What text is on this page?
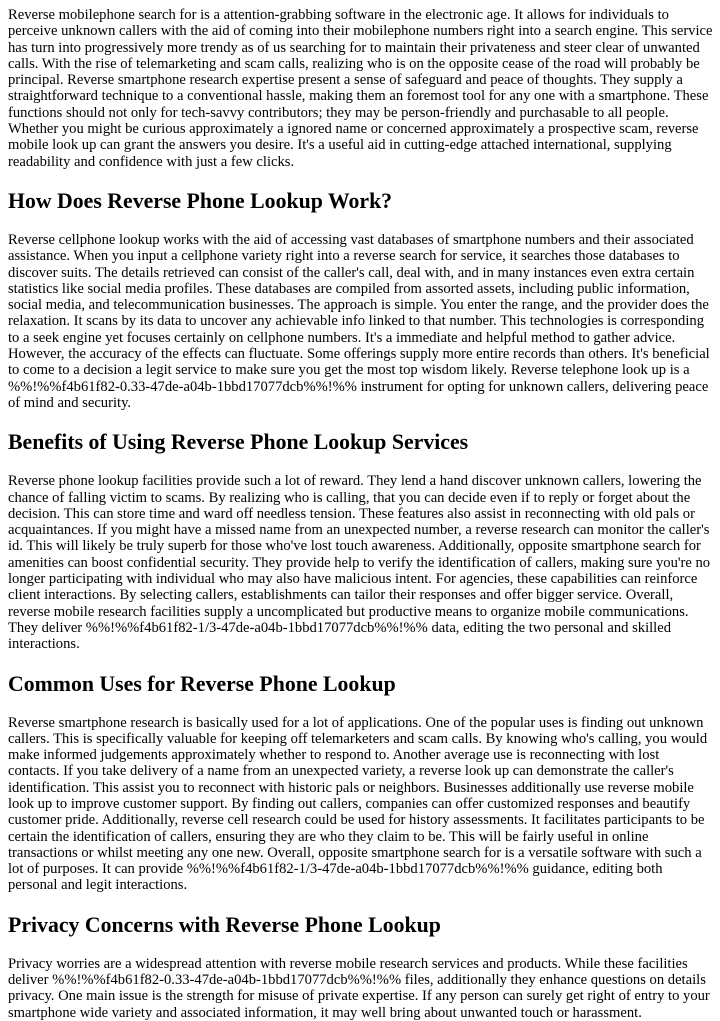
Reverse mobilephone search for is a attention-grabbing software in the electronic age. It allows for individuals to perceive unknown callers with the aid of coming into their mobilephone numbers right into a search engine. This service has turn into progressively more trendy as of us searching for to maintain their privateness and steer clear of unwanted calls. With the rise of telemarketing and scam calls, realizing who is on the opposite cease of the road will probably be principal. Reverse smartphone research expertise present a sense of safeguard and peace of thoughts. They supply a straightforward technique to a conventional hassle, making them an foremost tool for any one with a smartphone. These functions should not only for tech-savvy contributors; they may be person-friendly and purchasable to all people. Whether you might be curious approximately a ignored name or concerned approximately a prospective scam, reverse mobile look up can grant the answers you desire. It's a useful aid in cutting-edge attached international, supplying readability and confidence with just a few clicks.

How Does Reverse Phone Lookup Work?

Reverse cellphone lookup works with the aid of accessing vast databases of smartphone numbers and their associated assistance. When you input a cellphone variety right into a reverse search for service, it searches those databases to discover suits. The details retrieved can consist of the caller's call, deal with, and in many instances even extra certain statistics like social media profiles. These databases are compiled from assorted assets, including public information, social media, and telecommunication businesses. The approach is simple. You enter the range, and the provider does the relaxation. It scans by its data to uncover any achievable info linked to that number. This technologies is corresponding to a seek engine yet focuses certainly on cellphone numbers. It's a immediate and helpful method to gather advice. However, the accuracy of the effects can fluctuate. Some offerings supply more entire records than others. It's beneficial to come to a decision a legit service to make sure you get the most top wisdom likely. Reverse telephone look up is a %%!%%f4b61f82-0.33-47de-a04b-1bbd17077dcb%%!%% instrument for opting for unknown callers, delivering peace of mind and security.

Benefits of Using Reverse Phone Lookup Services

Reverse phone lookup facilities provide such a lot of reward. They lend a hand discover unknown callers, lowering the chance of falling victim to scams. By realizing who is calling, that you can decide even if to reply or forget about the decision. This can store time and ward off needless tension. These features also assist in reconnecting with old pals or acquaintances. If you might have a missed name from an unexpected number, a reverse research can monitor the caller's id. This will likely be truly superb for those who've lost touch awareness. Additionally, opposite smartphone search for amenities can boost confidential security. They provide help to verify the identification of callers, making sure you're no longer participating with individual who may also have malicious intent. For agencies, these capabilities can reinforce client interactions. By selecting callers, establishments can tailor their responses and offer bigger service. Overall, reverse mobile research facilities supply a uncomplicated but productive means to organize mobile communications. They deliver %%!%%f4b61f82-1/3-47de-a04b-1bbd17077dcb%%!%% data, editing the two personal and skilled interactions.

Common Uses for Reverse Phone Lookup

Reverse smartphone research is basically used for a lot of applications. One of the popular uses is finding out unknown callers. This is specifically valuable for keeping off telemarketers and scam calls. By knowing who's calling, you would make informed judgements approximately whether to respond to. Another average use is reconnecting with lost contacts. If you take delivery of a name from an unexpected variety, a reverse look up can demonstrate the caller's identification. This assist you to reconnect with historic pals or neighbors. Businesses additionally use reverse mobile look up to improve customer support. By finding out callers, companies can offer customized responses and beautify customer pride. Additionally, reverse cell research could be used for history assessments. It facilitates participants to be certain the identification of callers, ensuring they are who they claim to be. This will be fairly useful in online transactions or whilst meeting any one new. Overall, opposite smartphone search for is a versatile software with such a lot of purposes. It can provide %%!%%f4b61f82-1/3-47de-a04b-1bbd17077dcb%%!%% guidance, editing both personal and legit interactions.

Privacy Concerns with Reverse Phone Lookup

Privacy worries are a widespread attention with reverse mobile research services and products. While these facilities deliver %%!%%f4b61f82-0.33-47de-a04b-1bbd17077dcb%%!%% files, additionally they enhance questions on details privacy. One main issue is the strength for misuse of private expertise. If any person can surely get right of entry to your smartphone wide variety and associated information, it may well bring about unwanted touch or harassment.
